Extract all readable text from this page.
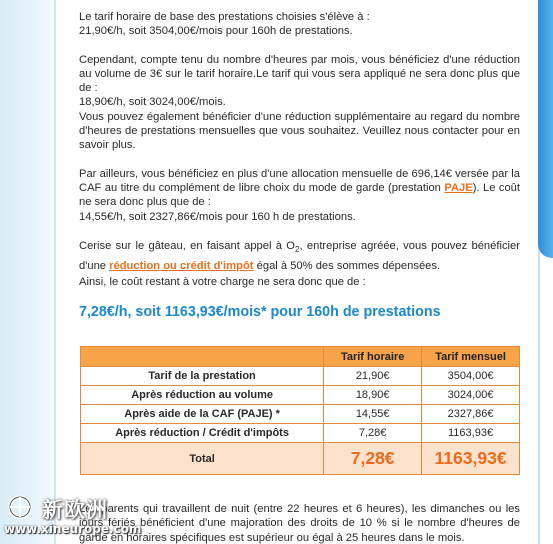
Le tarif horaire de base des prestations choisies s'élève à :

21,90€/h, soit 3504,00€/mois pour 160h de prestations.

Cependant, compte tenu du nombre d'heures par mois, vous bénéficiez d'une réduction au volume de 3€ sur le tarif horaire.Le tarif qui vous sera appliqué ne sera donc plus que de :

18,90€/h, soit 3024,00€/mois.

Vous pouvez également bénéficier d'une réduction supplémentaire au regard du nombre d'heures de prestations mensuelles que vous souhaitez. Veuillez nous contacter pour en savoir plus.

Par ailleurs, vous bénéficiez en plus d'une allocation mensuelle de 696,14€ versée par la CAF au titre du complément de libre choix du mode de garde (prestation PAJE). Le coût ne sera donc plus que de :

14,55€/h, soit 2327,86€/mois pour 160 h de prestations.

Cerise sur le gâteau, en faisant appel à $O_2$, entreprise agréée, vous pouvez bénéficier d'une réduction ou crédit d'impôt égal à 50% des sommes dépensées.

Ainsi, le coût restant à votre charge ne sera donc que de :

7,28€/h, soit 1163,93€/mois* pour 160h de prestations
	Tarif horaire	Tarif mensuel
Tarif de la prestation	21,90€	3504,00€
Après réduction au volume	18,90€	3024,00€
Après aide de la CAF (PAJE) *	14,55€	2327,86€
Après réduction / Crédit d'impôts	7,28€	1163,93€
Total	7,28€	1163,93€

Les parents qui travaillent de nuit (entre 22 heures et 6 heures), les dimanches ou les jours fériés bénéficient d'une majoration des droits de 10 % si le nombre d'heures de garde en horaires spécifiques est supérieur ou égal à 25 heures dans le mois.

新欧洲
www.xineurope.com
